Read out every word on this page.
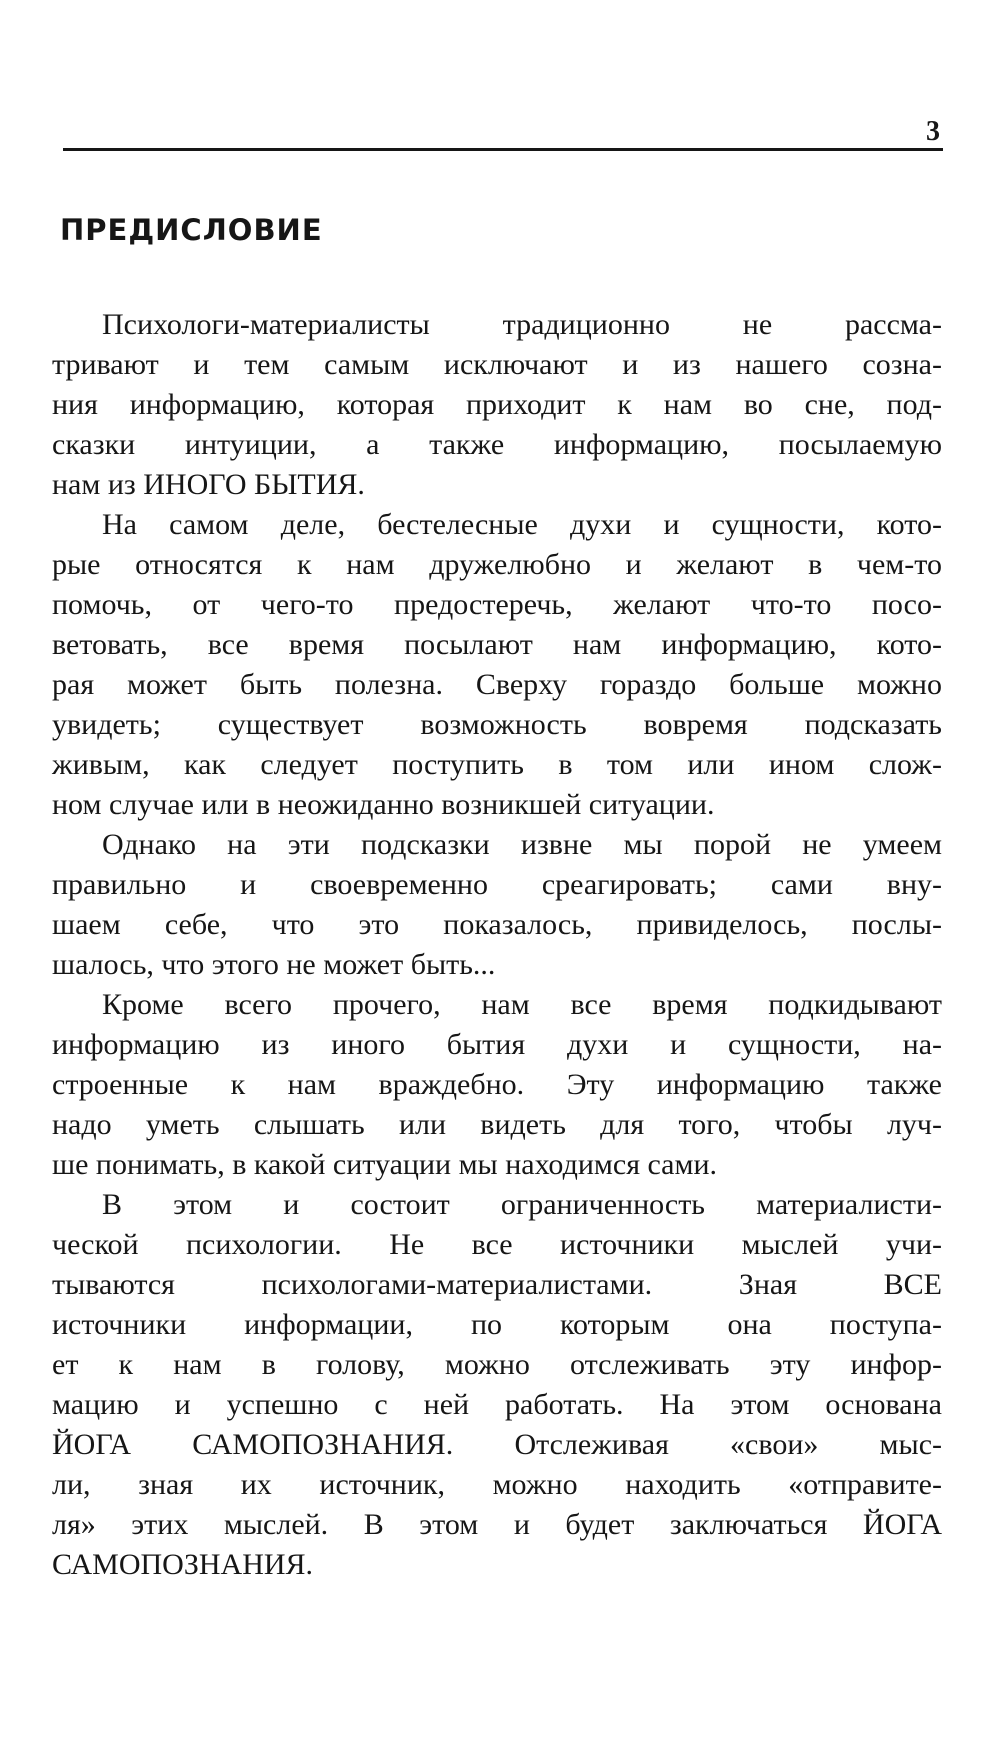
3
ПРЕДИСЛОВИЕ

Психологи-материалисты традиционно не рассма-
тривают и тем самым исключают и из нашего созна-
ния информацию, которая приходит к нам во сне, под-
сказки интуиции, а также информацию, посылаемую
нам из ИНОГО БЫТИЯ.

На самом деле, бестелесные духи и сущности, кото-
рые относятся к нам дружелюбно и желают в чем-то
помочь, от чего-то предостеречь, желают что-то посо-
ветовать, все время посылают нам информацию, кото-
рая может быть полезна. Сверху гораздо больше можно
увидеть; существует возможность вовремя подсказать
живым, как следует поступить в том или ином слож-
ном случае или в неожиданно возникшей ситуации.

Однако на эти подсказки извне мы порой не умеем
правильно и своевременно среагировать; сами вну-
шаем себе, что это показалось, привиделось, послы-
шалось, что этого не может быть...

Кроме всего прочего, нам все время подкидывают
информацию из иного бытия духи и сущности, на-
строенные к нам враждебно. Эту информацию также
надо уметь слышать или видеть для того, чтобы луч-
ше понимать, в какой ситуации мы находимся сами.

В этом и состоит ограниченность материалисти-
ческой психологии. Не все источники мыслей учи-
тываются психологами-материалистами. Зная ВСЕ
источники информации, по которым она поступа-
ет к нам в голову, можно отслеживать эту инфор-
мацию и успешно с ней работать. На этом основана
ЙОГА САМОПОЗНАНИЯ. Отслеживая «свои» мыс-
ли, зная их источник, можно находить «отправите-
ля» этих мыслей. В этом и будет заключаться ЙОГА
САМОПОЗНАНИЯ.
